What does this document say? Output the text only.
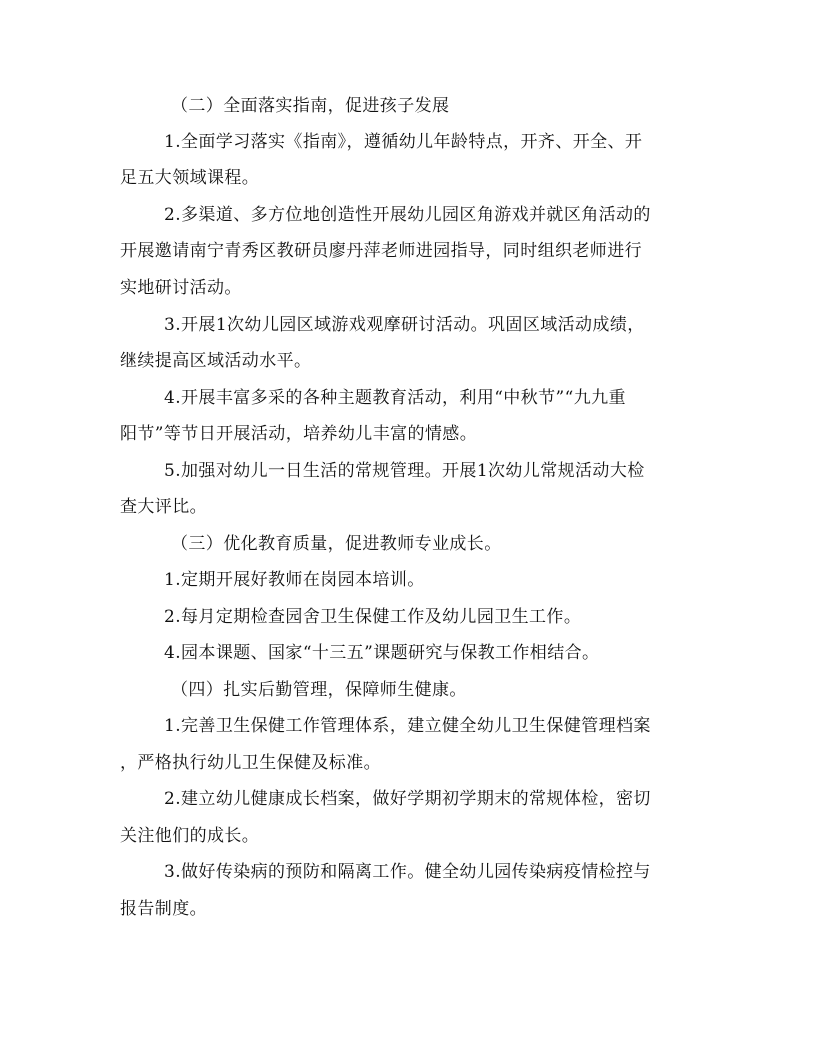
（二）全面落实指南，促进孩子发展

1.全面学习落实《指南》，遵循幼儿年龄特点，开齐、开全、开

足五大领域课程。

2.多渠道、多方位地创造性开展幼儿园区角游戏并就区角活动的

开展邀请南宁青秀区教研员廖丹萍老师进园指导，同时组织老师进行

实地研讨活动。

3.开展1次幼儿园区域游戏观摩研讨活动。巩固区域活动成绩，

继续提高区域活动水平。

4.开展丰富多采的各种主题教育活动，利用“中秋节”“九九重

阳节”等节日开展活动，培养幼儿丰富的情感。

5.加强对幼儿一日生活的常规管理。开展1次幼儿常规活动大检

查大评比。

（三）优化教育质量，促进教师专业成长。

1.定期开展好教师在岗园本培训。

2.每月定期检查园舍卫生保健工作及幼儿园卫生工作。

4.园本课题、国家“十三五”课题研究与保教工作相结合。

（四）扎实后勤管理，保障师生健康。

1.完善卫生保健工作管理体系，建立健全幼儿卫生保健管理档案

，严格执行幼儿卫生保健及标准。

2.建立幼儿健康成长档案，做好学期初学期末的常规体检，密切

关注他们的成长。

3.做好传染病的预防和隔离工作。健全幼儿园传染病疫情检控与

报告制度。
